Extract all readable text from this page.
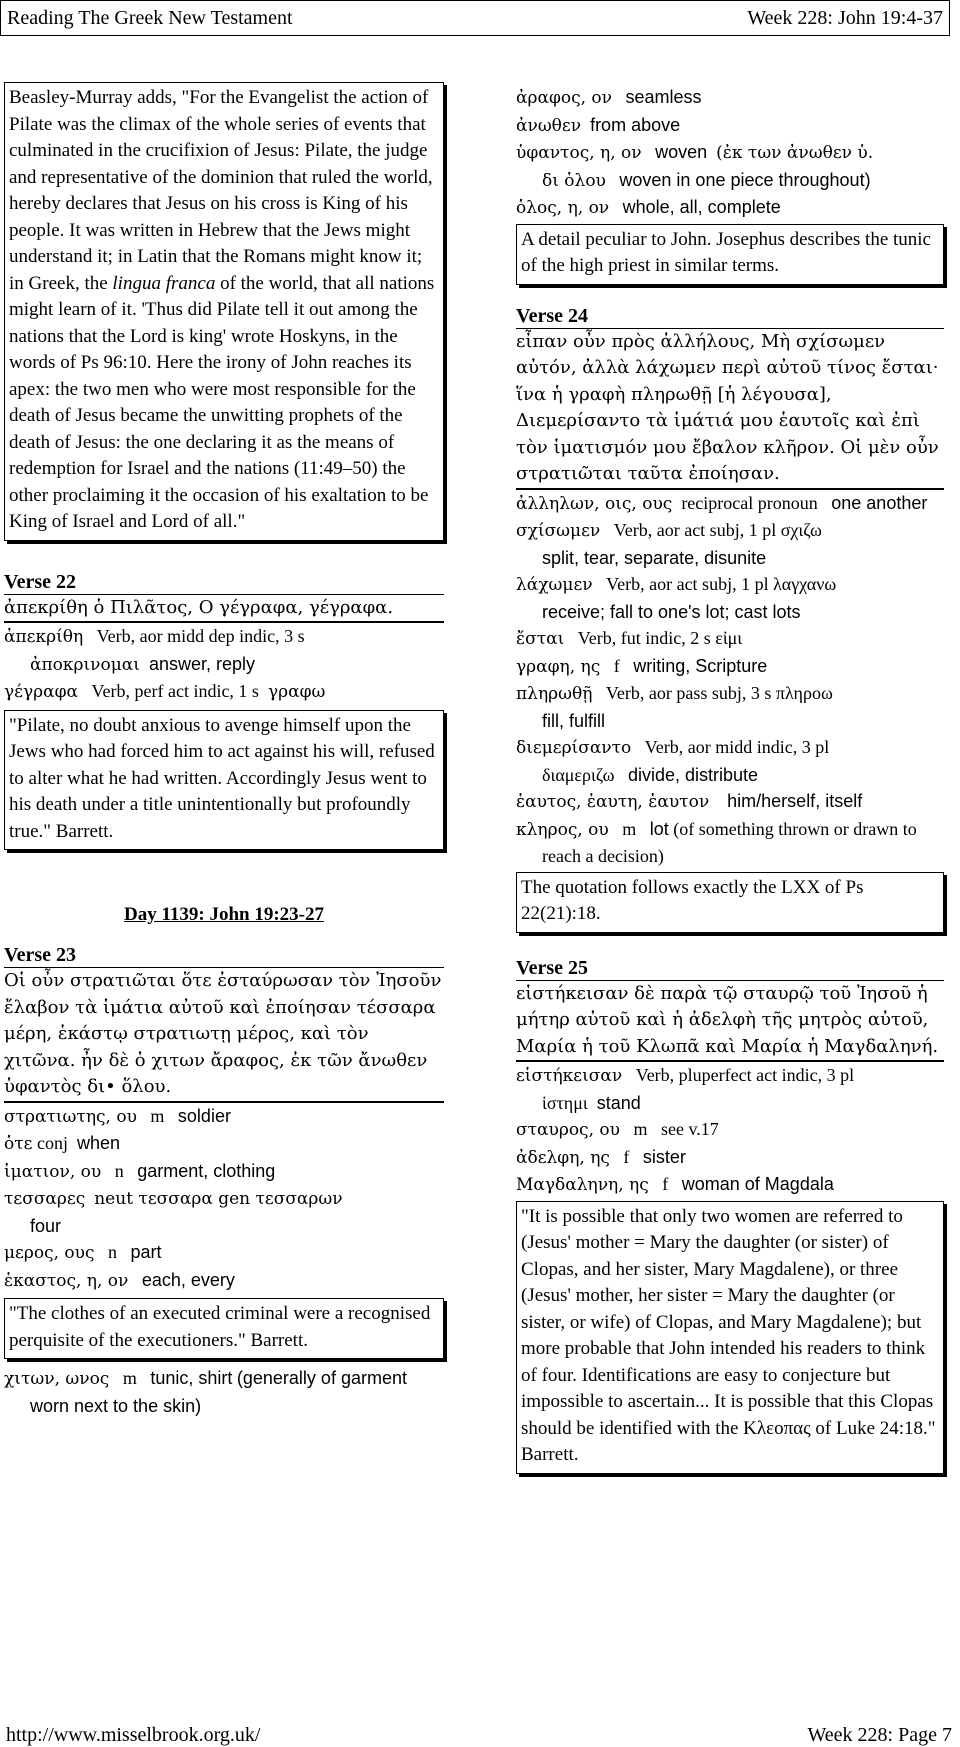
Reading The Greek New Testament	Week 228: John 19:4-37
Beasley-Murray adds, "For the Evangelist the action of Pilate was the climax of the whole series of events that culminated in the crucifixion of Jesus: Pilate, the judge and representative of the dominion that ruled the world, hereby declares that Jesus on his cross is King of his people. It was written in Hebrew that the Jews might understand it; in Latin that the Romans might know it; in Greek, the lingua franca of the world, that all nations might learn of it. 'Thus did Pilate tell it out among the nations that the Lord is king' wrote Hoskyns, in the words of Ps 96:10. Here the irony of John reaches its apex: the two men who were most responsible for the death of Jesus became the unwitting prophets of the death of Jesus: the one declaring it as the means of redemption for Israel and the nations (11:49–50) the other proclaiming it the occasion of his exaltation to be King of Israel and Lord of all."
Verse 22
ἀπεκρίθη ὁ Πιλᾶτος, Ο γέγραφα, γέγραφα.
ἀπεκρίθη Verb, aor midd dep indic, 3 s
ἀποκρινομαι answer, reply
γέγραφα Verb, perf act indic, 1 s γραφω
"Pilate, no doubt anxious to avenge himself upon the Jews who had forced him to act against his will, refused to alter what he had written. Accordingly Jesus went to his death under a title unintentionally but profoundly true." Barrett.
Day 1139: John 19:23-27
Verse 23
Οἱ οὖν στρατιῶται ὅτε ἐσταύρωσαν τὸν Ἰησοῦν ἔλαβον τὰ ἱμάτια αὐτοῦ καὶ ἐποίησαν τέσσαρα μέρη, ἑκάστῳ στρατιωτῃ μέρος, καὶ τὸν χιτῶνα. ἦν δὲ ὁ χιτων ἄραφος, ἐκ τῶν ἄνωθεν ὑφαντὸς δι• ὅλου.
στρατιωτης, ου m soldier
ὁτε conj when
ἱματιον, ου n garment, clothing
τεσσαρες neut τεσσαρα gen τεσσαρων
four
μερος, ους n part
ἑκαστος, η, ον each, every
"The clothes of an executed criminal were a recognised perquisite of the executioners." Barrett.
χιτων, ωνος m tunic, shirt (generally of garment worn next to the skin)
ἀραφος, ον seamless
ἀνωθεν from above
ὑφαντος, η, ον woven (ἐκ των ἀνωθεν ὑ.
δι ὁλου woven in one piece throughout)
ὁλος, η, ον whole, all, complete
A detail peculiar to John. Josephus describes the tunic of the high priest in similar terms.
Verse 24
εἶπαν οὖν πρὸς ἀλλήλους, Μὴ σχίσωμεν αὐτόν, ἀλλὰ λάχωμεν περὶ αὐτοῦ τίνος ἔσται· ἵνα ἡ γραφὴ πληρωθῇ [ἡ λέγουσα], Διεμερίσαντο τὰ ἱμάτιά μου ἑαυτοῖς καὶ ἐπὶ τὸν ἱματισμόν μου ἔβαλον κλῆρον. Οἱ μὲν οὖν στρατιῶται ταῦτα ἐποίησαν.
ἀλληλων, οις, ους reciprocal pronoun one another
σχίσωμεν Verb, aor act subj, 1 pl σχιζω
split, tear, separate, disunite
λάχωμεν Verb, aor act subj, 1 pl λαγχανω
receive; fall to one's lot; cast lots
ἔσται Verb, fut indic, 2 s εἰμι
γραφη, ης f writing, Scripture
πληρωθῇ Verb, aor pass subj, 3 s πληροω
fill, fulfill
διεμερίσαντο Verb, aor midd indic, 3 pl διαμεριζω divide, distribute
ἑαυτος, ἑαυτη, ἑαυτον him/herself, itself
κληρος, ου m lot (of something thrown or drawn to reach a decision)
The quotation follows exactly the LXX of Ps 22(21):18.
Verse 25
εἱστήκεισαν δὲ παρὰ τῷ σταυρῷ τοῦ Ἰησοῦ ἡ μήτηρ αὐτοῦ καὶ ἡ ἀδελφὴ τῆς μητρὸς αὐτοῦ, Μαρία ἡ τοῦ Κλωπᾶ καὶ Μαρία ἡ Μαγδαληνή.
εἱστήκεισαν Verb, pluperfect act indic, 3 pl ἱστημι stand
σταυρος, ου m see v.17
ἀδελφη, ης f sister
Μαγδαληνη, ης f woman of Magdala
"It is possible that only two women are referred to (Jesus' mother = Mary the daughter (or sister) of Clopas, and her sister, Mary Magdalene), or three (Jesus' mother, her sister = Mary the daughter (or sister, or wife) of Clopas, and Mary Magdalene); but more probable that John intended his readers to think of four. Identifications are easy to conjecture but impossible to ascertain... It is possible that this Clopas should be identified with the Κλεοπας of Luke 24:18." Barrett.
http://www.misselbrook.org.uk/	Week 228: Page 7
